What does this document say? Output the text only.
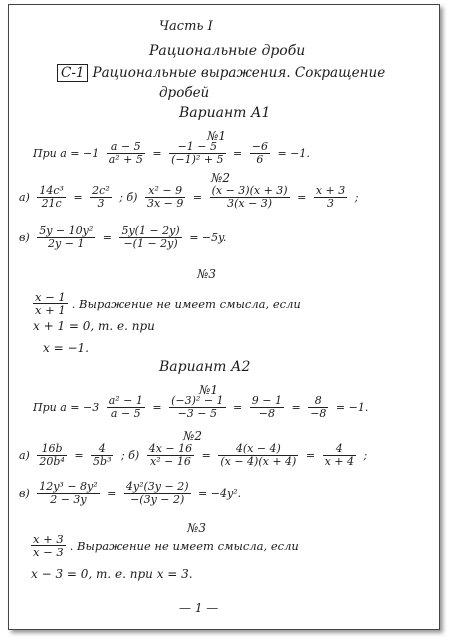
Часть I
Рациональные дроби
С-1 Рациональные выражения. Сокращение
дробей
Вариант А1
№1
При $a = -1 \frac{a - 5}{\text{a² + 5}} = \frac{-1 - 5}{\text{(−1)² + 5}} = \frac{-6}{6} = -1$.
№2
$а) \frac{\text{14c³}}{21c} = \frac{\text{2c²}}{3}$ ; $б) \frac{\text{x² − 9}}{3x - 9} = \frac{(x - 3)(x + 3)}{3(x - 3)} = \frac{x + 3}{3}$ ;
$в) \frac{\text{5y − 10y²}}{2y - 1} = \frac{5y(1 - 2y)}{-(1 - 2y)} = -5y$.
№3
$\frac{x - 1}{x + 1}$ . Выражение не имеет смысла, если
x + 1 = 0, т. е. при
x = −1.
Вариант А2
№1
При $a = -3 \frac{\text{a² − 1}}{a - 5} = \frac{\text{(−3)² − 1}}{-3 - 5} = \frac{9 - 1}{-8} = \frac{8}{-8} = -1$.
№2
$а) \frac{16b}{\text{20b⁴}} = \frac{4}{\text{5b³}}$ ; $б) \frac{4x - 16}{\text{x² − 16}} = \frac{4(x - 4)}{(x - 4)(x + 4)} = \frac{4}{x + 4}$ ;
$в) \frac{\text{12y³ − 8y²}}{2 - 3y} = \frac{\text{4y²(3y − 2)}}{-(3y - 2)} = -4y^2$.
№3
$\frac{x + 3}{x - 3}$ . Выражение не имеет смысла, если
x − 3 = 0, т. е. при x = 3.
— 1 —
